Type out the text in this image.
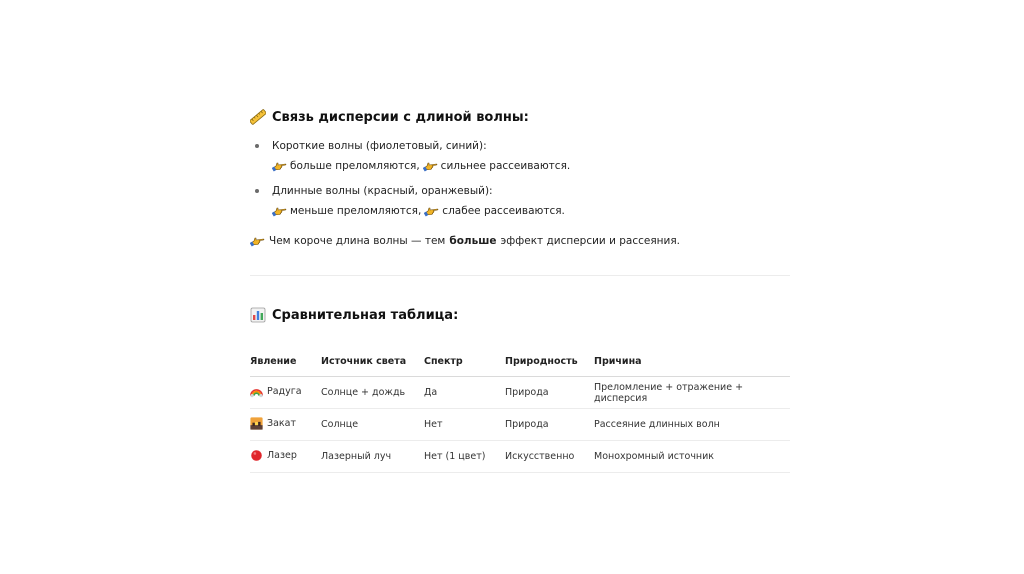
Связь дисперсии с длиной волны:
Короткие волны (фиолетовый, синий):
больше преломляются, сильнее рассеиваются.
Длинные волны (красный, оранжевый):
меньше преломляются, слабее рассеиваются.
Чем короче длина волны — тем больше эффект дисперсии и рассеяния.
Сравнительная таблица:
Явление	Источник света	Спектр	Природность	Причина

Радуга	Солнце + дождь	Да	Природа	Преломление + отражение + дисперсия

Закат	Солнце	Нет	Природа	Рассеяние длинных волн

Лазер	Лазерный луч	Нет (1 цвет)	Искусственно	Монохромный источник
